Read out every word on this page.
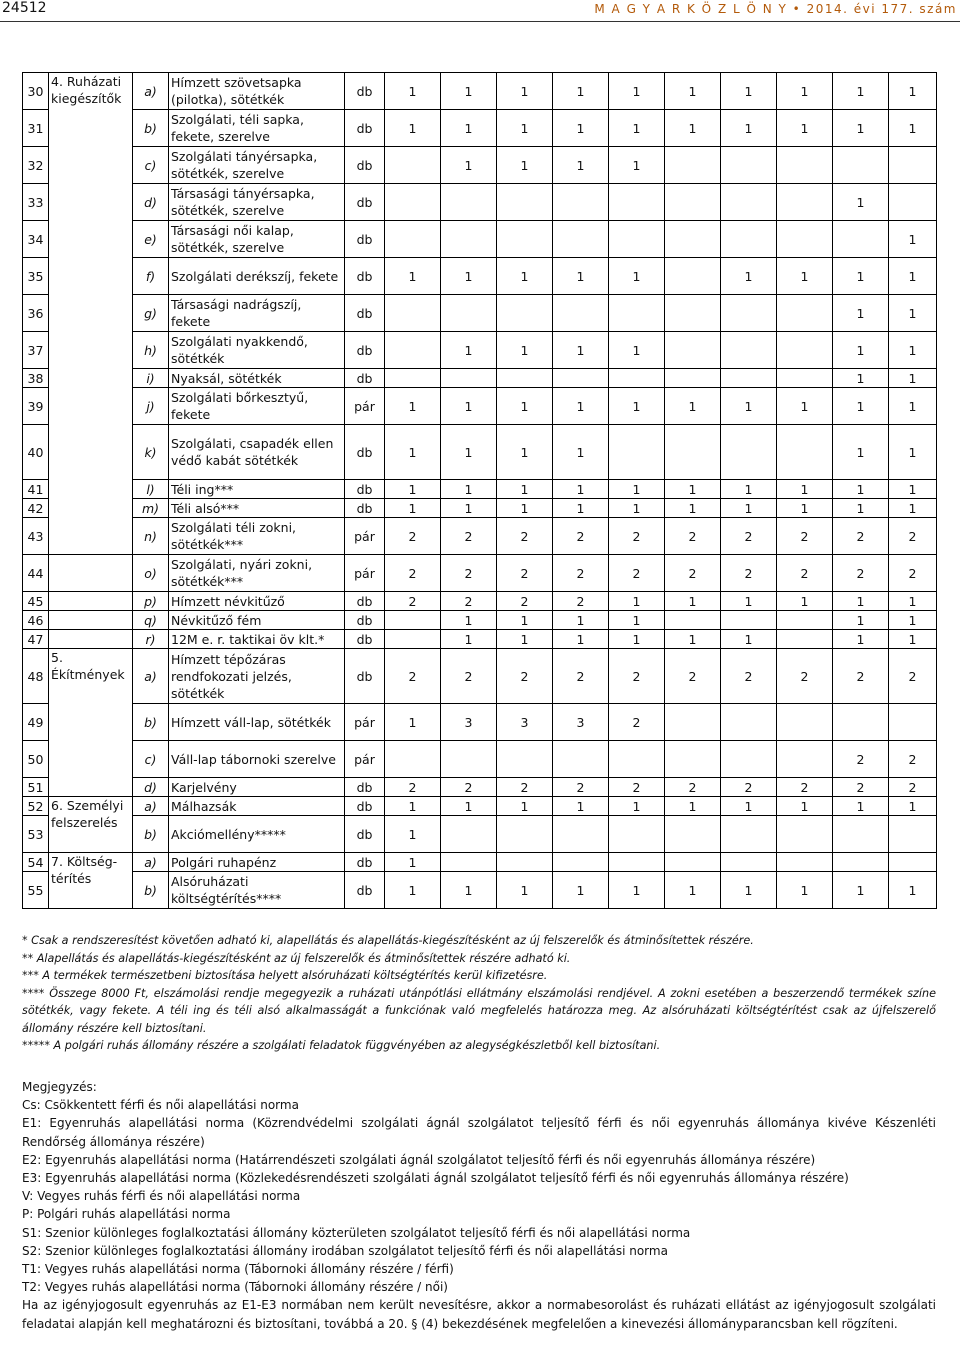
24512	M A G Y A R K Ö Z L Ö N Y • 2014. évi 177. szám
30	4. Ruházati kiegészítők	a)	Hímzett szövetsapka (pilotka), sötétkék	db	1	1	1	1	1	1	1	1	1	1
31		b)	Szolgálati, téli sapka, fekete, szerelve	db	1	1	1	1	1	1	1	1	1	1
32		c)	Szolgálati tányérsapka, sötétkék, szerelve	db		1	1	1	1					
33		d)	Társasági tányérsapka, sötétkék, szerelve	db									1	
34		e)	Társasági női kalap, sötétkék, szerelve	db										1
35		f)	Szolgálati derékszíj, fekete	db	1	1	1	1	1		1	1	1	1
36		g)	Társasági nadrágszíj, fekete	db									1	1
37		h)	Szolgálati nyakkendő, sötétkék	db		1	1	1	1				1	1
38		i)	Nyaksál, sötétkék	db									1	1
39		j)	Szolgálati bőrkesztyű, fekete	pár	1	1	1	1	1	1	1	1	1	1
40		k)	Szolgálati, csapadék ellen védő kabát sötétkék	db	1	1	1	1					1	1
41		l)	Téli ing***	db	1	1	1	1	1	1	1	1	1	1
42		m)	Téli alsó***	db	1	1	1	1	1	1	1	1	1	1
43		n)	Szolgálati téli zokni, sötétkék***	pár	2	2	2	2	2	2	2	2	2	2
44		o)	Szolgálati, nyári zokni, sötétkék***	pár	2	2	2	2	2	2	2	2	2	2
45		p)	Hímzett névkitűző	db	2	2	2	2	1	1	1	1	1	1
46		q)	Névkitűző fém	db		1	1	1	1				1	1
47		r)	12M e. r. taktikai öv klt.*	db		1	1	1	1	1	1		1	1
48	5. Ékítmények	a)	Hímzett tépőzáras rendfokozati jelzés, sötétkék	db	2	2	2	2	2	2	2	2	2	2
49		b)	Hímzett váll-lap, sötétkék	pár	1	3	3	3	2					
50		c)	Váll-lap tábornoki szerelve	pár									2	2
51		d)	Karjelvény	db	2	2	2	2	2	2	2	2	2	2
52	6. Személyi felszerelés	a)	Málhazsák	db	1	1	1	1	1	1	1	1	1	1
53		b)	Akciómellény*****	db	1									
54	7. Költség-térítés	a)	Polgári ruhapénz	db	1									
55		b)	Alsóruházati költségtérítés****	db	1	1	1	1	1	1	1	1	1	1
* Csak a rendszeresítést követően adható ki, alapellátás és alapellátás-kiegészítésként az új felszerelők és átminősítettek részére.
** Alapellátás és alapellátás-kiegészítésként az új felszerelők és átminősítettek részére adható ki.
*** A termékek természetbeni biztosítása helyett alsóruházati költségtérítés kerül kifizetésre.
**** Összege 8000 Ft, elszámolási rendje megegyezik a ruházati utánpótlási ellátmány elszámolási rendjével. A zokni esetében a beszerzendő termékek színe sötétkék, vagy fekete. A téli ing és téli alsó alkalmasságát a funkciónak való megfelelés határozza meg. Az alsóruházati költségtérítést csak az újfelszerelő állomány részére kell biztosítani.
***** A polgári ruhás állomány részére a szolgálati feladatok függvényében az alegységkészletből kell biztosítani.
Megjegyzés:
Cs: Csökkentett férfi és női alapellátási norma
E1: Egyenruhás alapellátási norma (Közrendvédelmi szolgálati ágnál szolgálatot teljesítő férfi és női egyenruhás állománya kivéve Készenléti Rendőrség állománya részére)
E2: Egyenruhás alapellátási norma (Határrendészeti szolgálati ágnál szolgálatot teljesítő férfi és női egyenruhás állománya részére)
E3: Egyenruhás alapellátási norma (Közlekedésrendészeti szolgálati ágnál szolgálatot teljesítő férfi és női egyenruhás állománya részére)
V: Vegyes ruhás férfi és női alapellátási norma
P: Polgári ruhás alapellátási norma
S1: Szenior különleges foglalkoztatási állomány közterületen szolgálatot teljesítő férfi és női alapellátási norma
S2: Szenior különleges foglalkoztatási állomány irodában szolgálatot teljesítő férfi és női alapellátási norma
T1: Vegyes ruhás alapellátási norma (Tábornoki állomány részére / férfi)
T2: Vegyes ruhás alapellátási norma (Tábornoki állomány részére / női)
Ha az igényjogosult egyenruhás az E1-E3 normában nem került nevesítésre, akkor a normabesorolást és ruházati ellátást az igényjogosult szolgálati feladatai alapján kell meghatározni és biztosítani, továbbá a 20. § (4) bekezdésének megfelelően a kinevezési állományparancsban kell rögzíteni.
